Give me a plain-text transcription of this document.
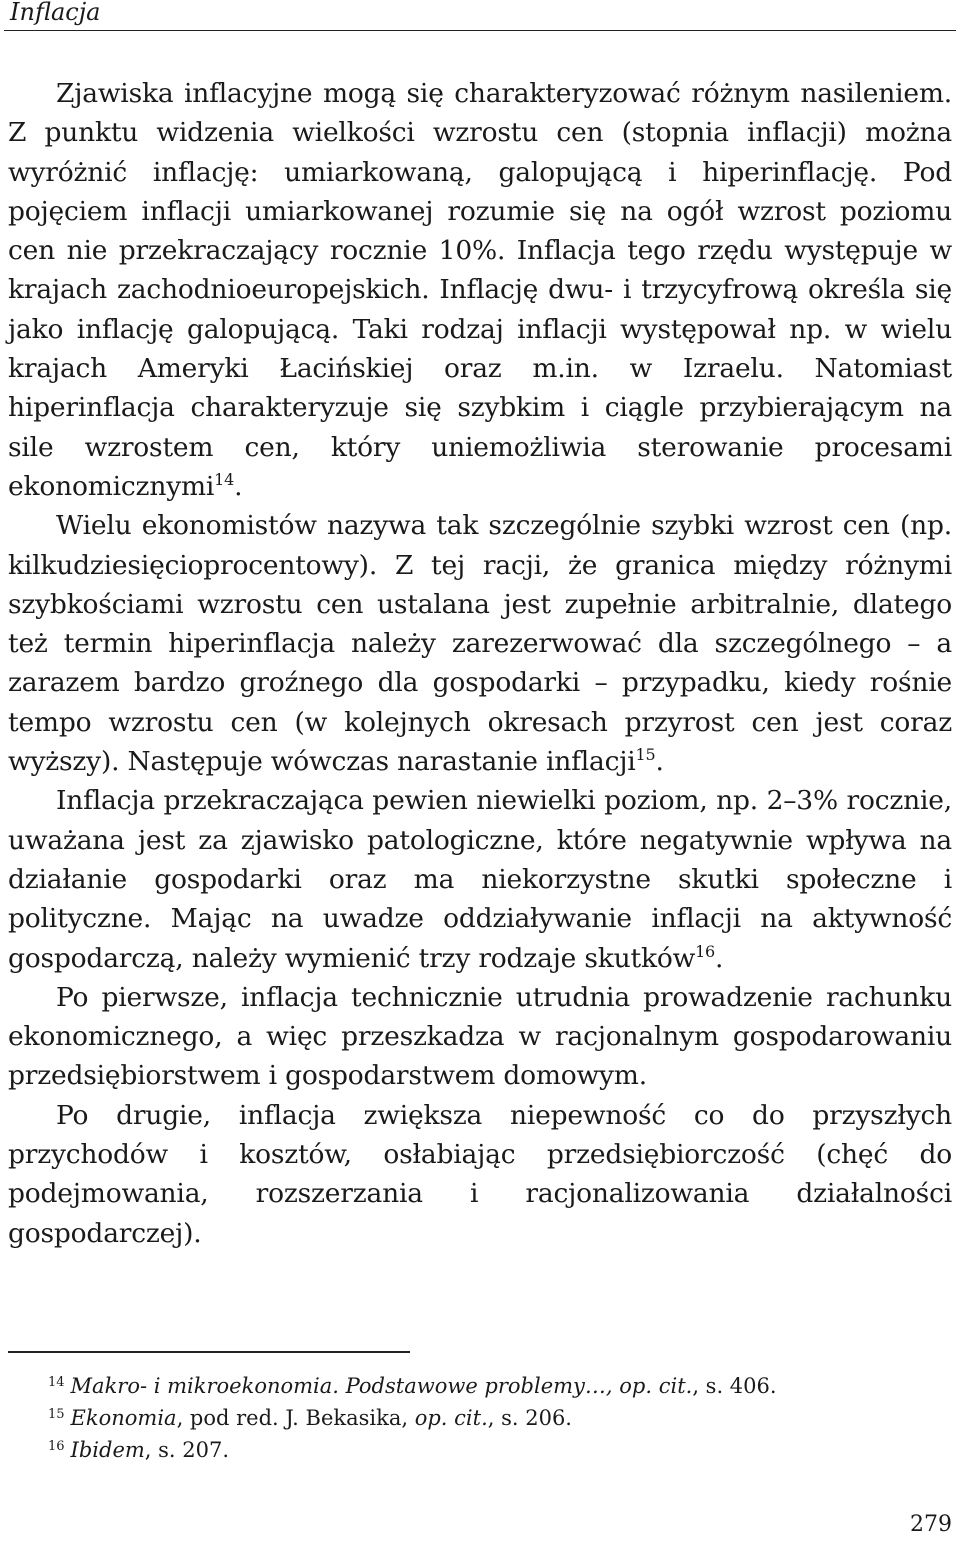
Inflacja

Zjawiska inflacyjne mogą się charakteryzować różnym nasileniem. Z punktu widzenia wielkości wzrostu cen (stopnia inflacji) można wyróżnić inflację: umiarkowaną, galopującą i hiperinflację. Pod pojęciem inflacji umiarkowanej rozumie się na ogół wzrost poziomu cen nie przekraczający rocznie 10%. Inflacja tego rzędu występuje w krajach zachodnioeuropejskich. Inflację dwu- i trzycyfrową określa się jako inflację galopującą. Taki rodzaj inflacji występował np. w wielu krajach Ameryki Łacińskiej oraz m.in. w Izraelu. Natomiast hiperinflacja charakteryzuje się szybkim i ciągle przybierającym na sile wzrostem cen, który uniemożliwia sterowanie procesami ekonomicznymi$^{14}$.

Wielu ekonomistów nazywa tak szczególnie szybki wzrost cen (np. kilkudziesięcioprocentowy). Z tej racji, że granica między różnymi szybkościami wzrostu cen ustalana jest zupełnie arbitralnie, dlatego też termin hiperinflacja należy zarezerwować dla szczególnego – a zarazem bardzo groźnego dla gospodarki – przypadku, kiedy rośnie tempo wzrostu cen (w kolejnych okresach przyrost cen jest coraz wyższy). Następuje wówczas narastanie inflacji$^{15}$.

Inflacja przekraczająca pewien niewielki poziom, np. 2–3% rocznie, uważana jest za zjawisko patologiczne, które negatywnie wpływa na działanie gospodarki oraz ma niekorzystne skutki społeczne i polityczne. Mając na uwadze oddziaływanie inflacji na aktywność gospodarczą, należy wymienić trzy rodzaje skutków$^{16}$.

Po pierwsze, inflacja technicznie utrudnia prowadzenie rachunku ekonomicznego, a więc przeszkadza w racjonalnym gospodarowaniu przedsiębiorstwem i gospodarstwem domowym.

Po drugie, inflacja zwiększa niepewność co do przyszłych przychodów i kosztów, osłabiając przedsiębiorczość (chęć do podejmowania, rozszerzania i racjonalizowania działalności gospodarczej).

$^{14}$ Makro- i mikroekonomia. Podstawowe problemy…, op. cit., s. 406.
$^{15}$ Ekonomia, pod red. J. Bekasika, op. cit., s. 206.
$^{16}$ Ibidem, s. 207.
279
